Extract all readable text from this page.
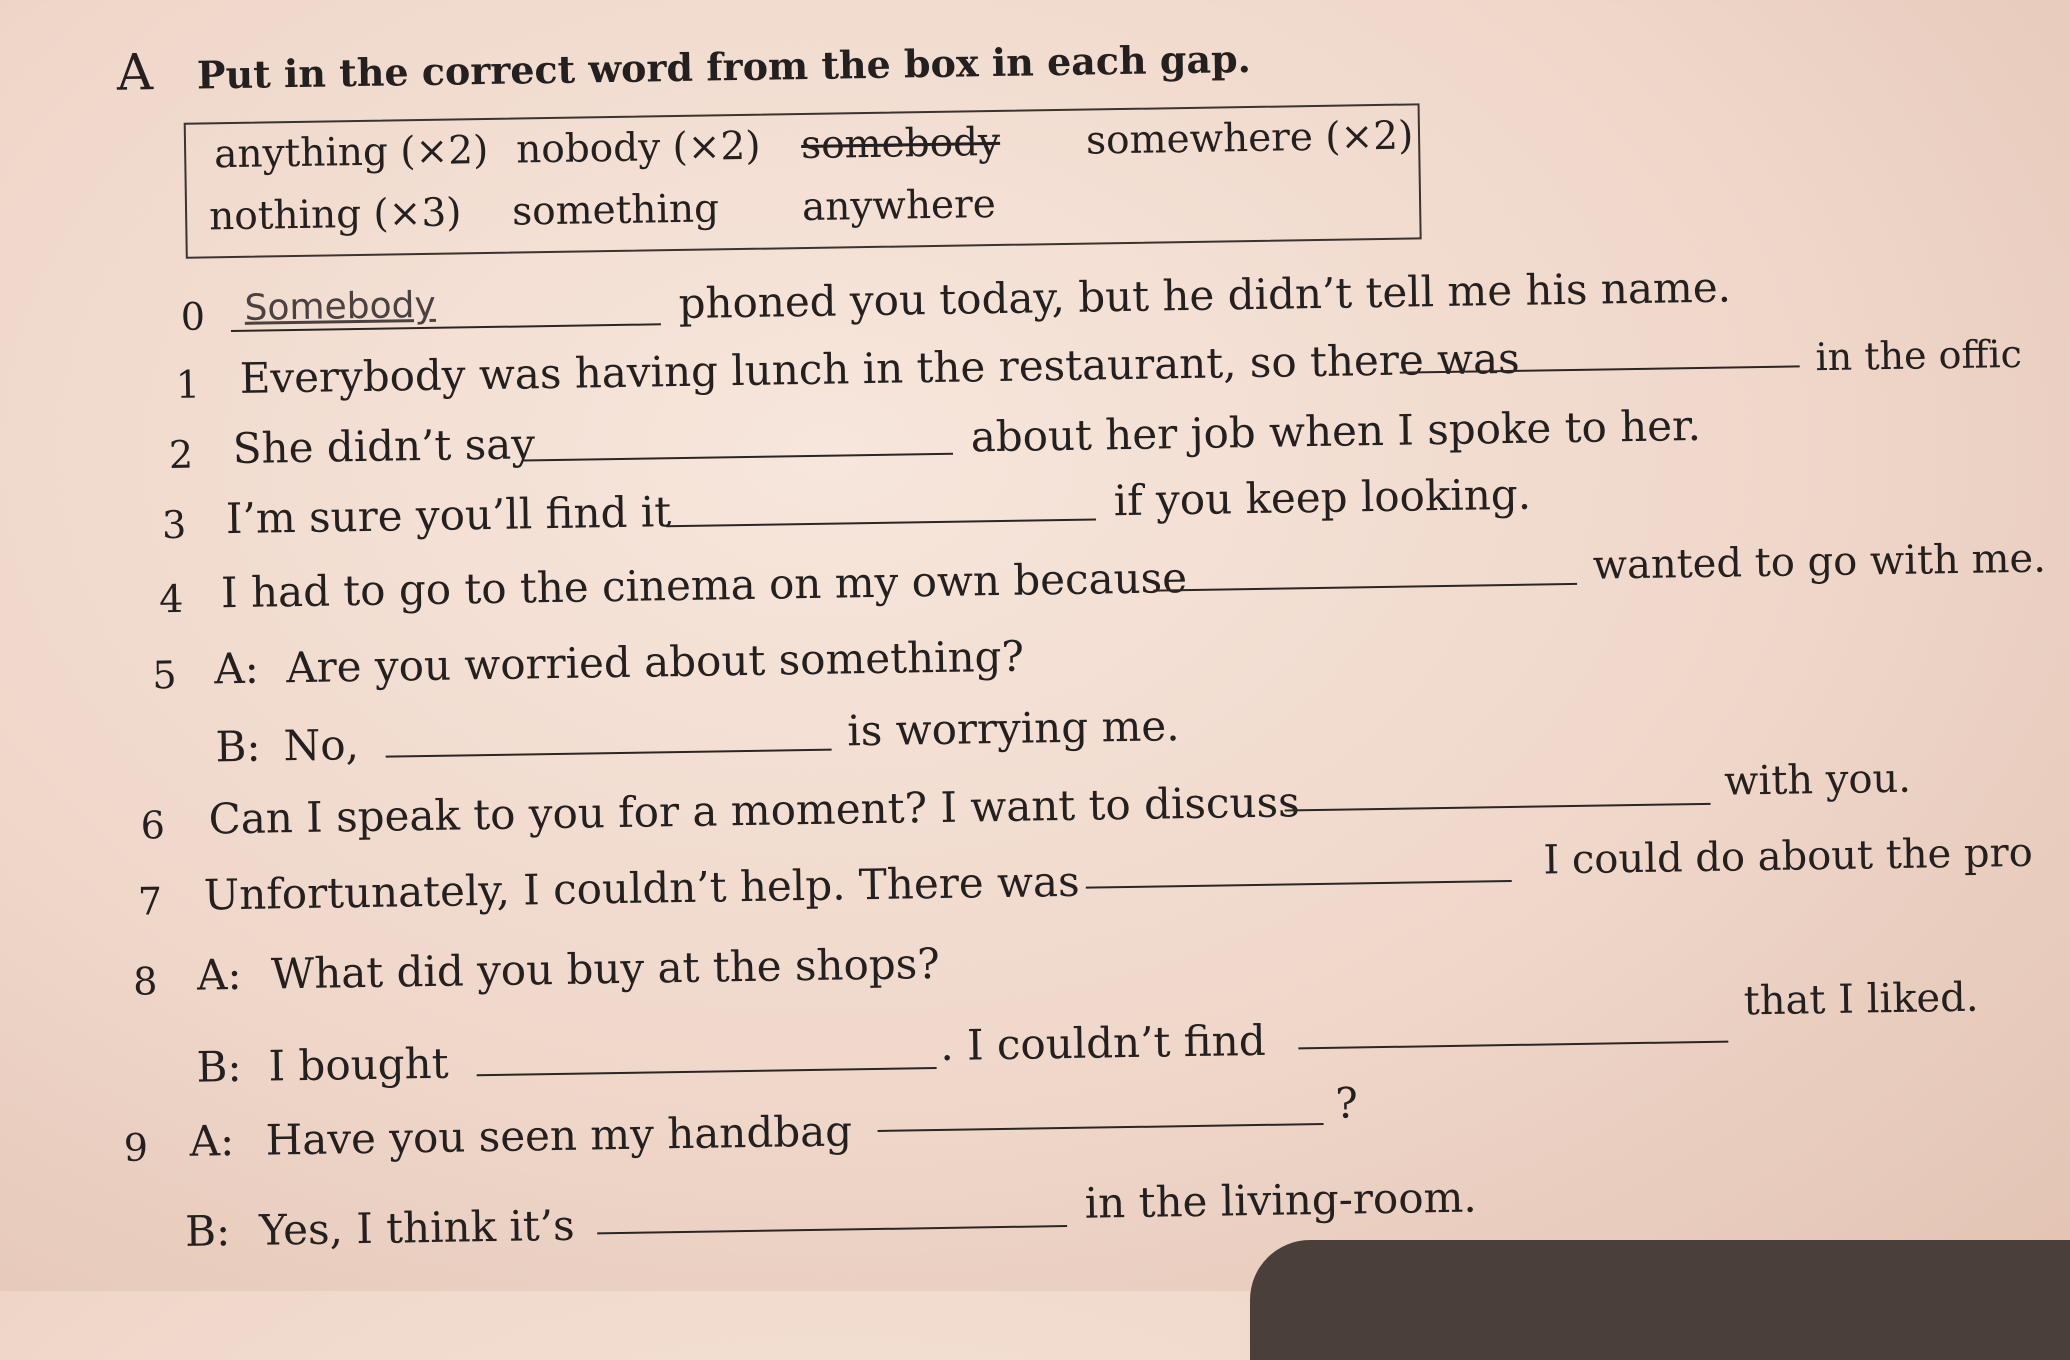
A Put in the correct word from the box in each gap.
anything (×2) nobody (×2) somebody somewhere (×2)
nothing (×3) something anywhere
0 Somebody	phoned you today, but he didn’t tell me his name.
1 Everybody was having lunch in the restaurant, so there was	in the offic
2 She didn’t say	about her job when I spoke to her.
3 I’m sure you’ll find it	if you keep looking.
4 I had to go to the cinema on my own because	wanted to go with me.
5 A: Are you worried about something?
B: No,	is worrying me.
6 Can I speak to you for a moment? I want to discuss	with you.
7 Unfortunately, I couldn’t help. There was
I could do about the pro
8 A: What did you buy at the shops?
B: I bought	. I couldn’t find
that I liked.
9 A: Have you seen my handbag
?
B: Yes, I think it’s	in the living-room.
